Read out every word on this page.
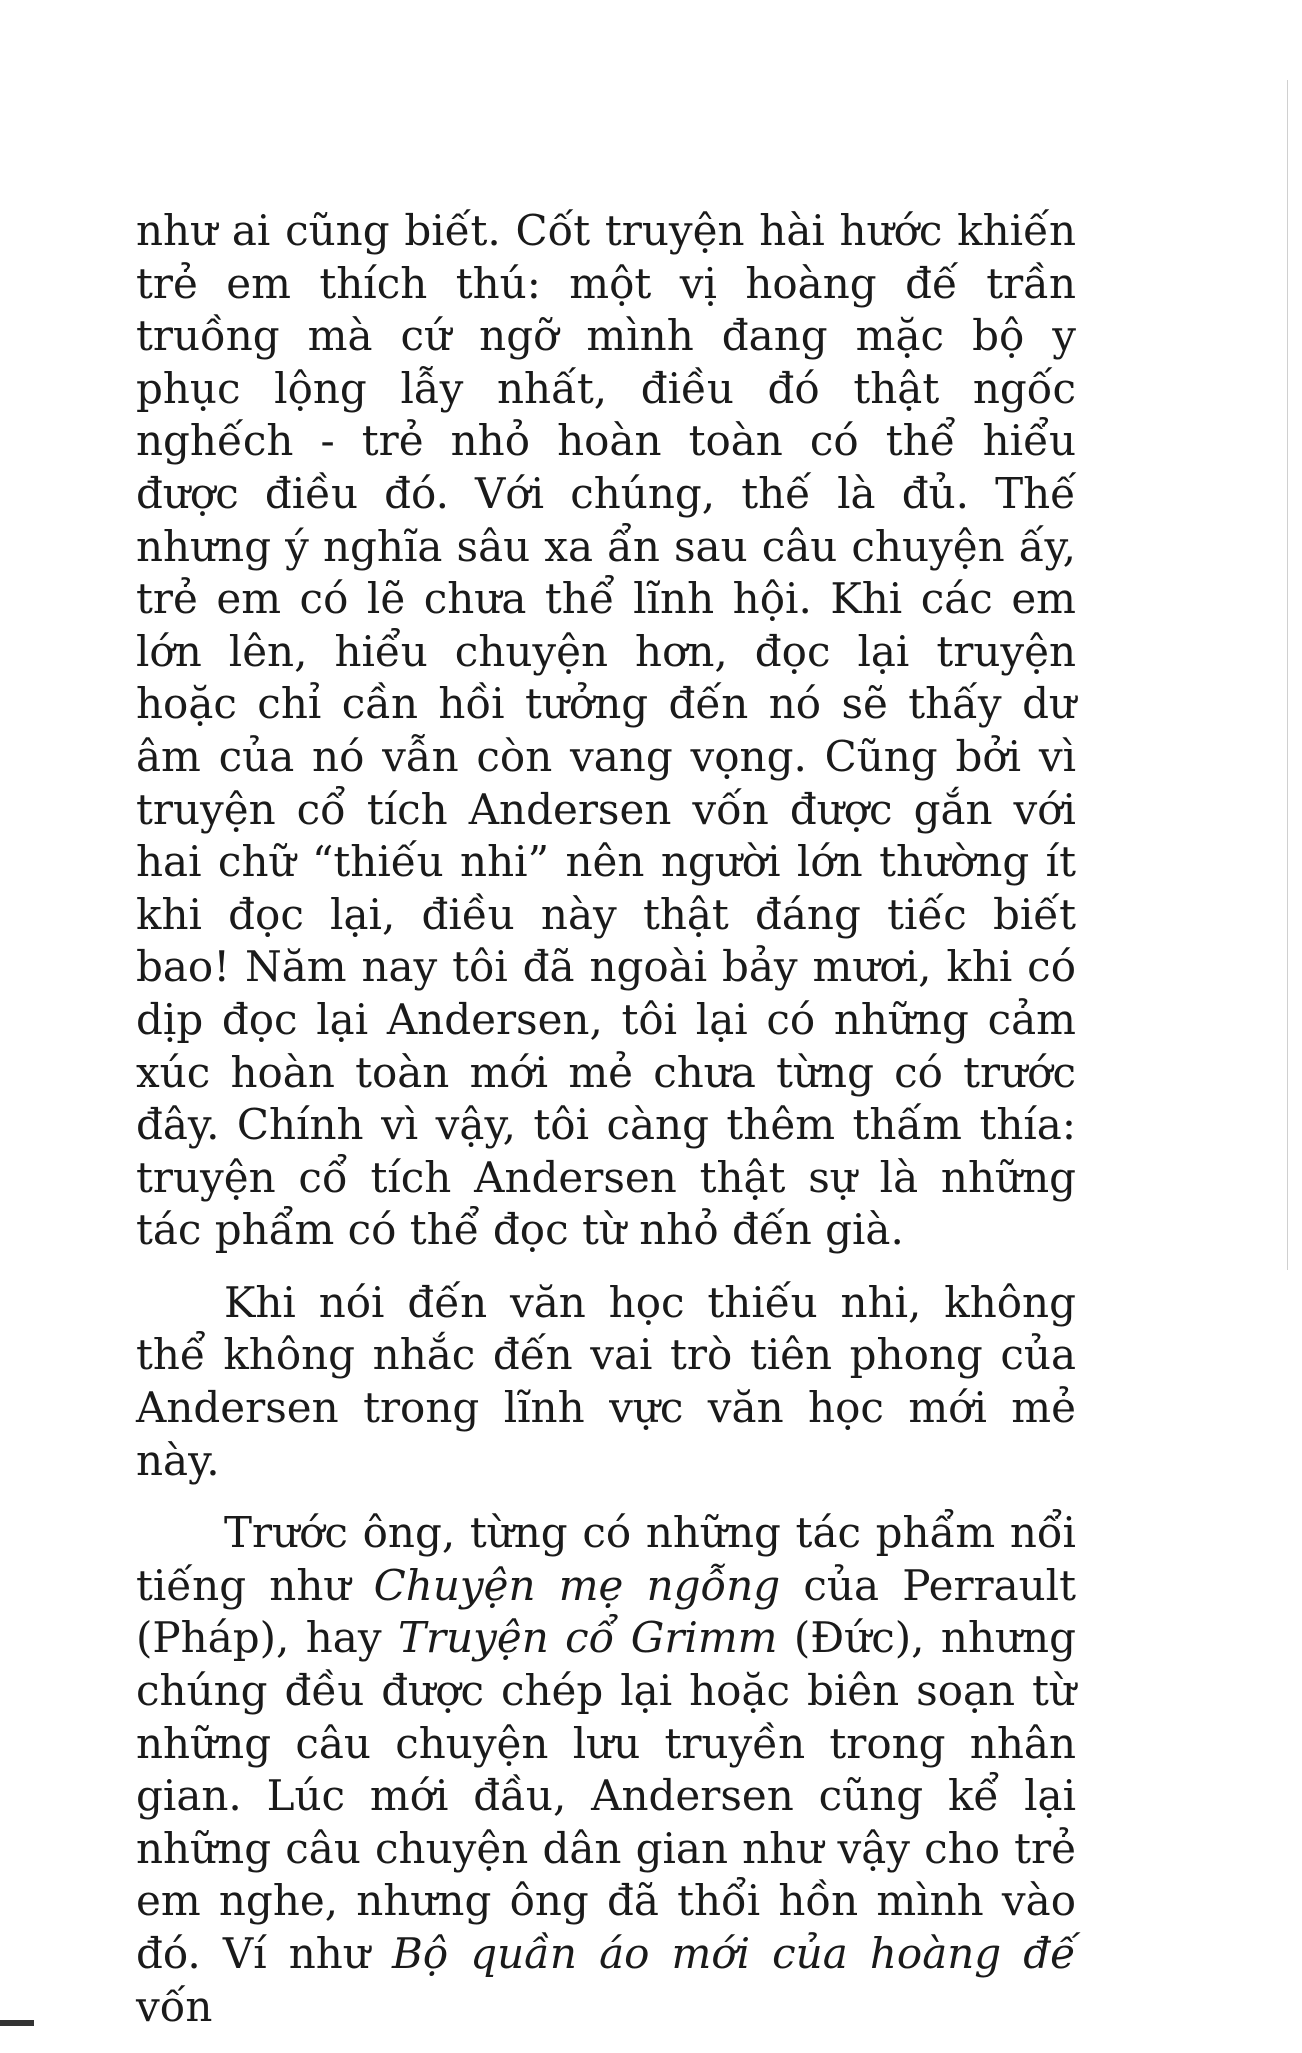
như ai cũng biết. Cốt truyện hài hước khiến trẻ em thích thú: một vị hoàng đế trần truồng mà cứ ngỡ mình đang mặc bộ y phục lộng lẫy nhất, điều đó thật ngốc nghếch - trẻ nhỏ hoàn toàn có thể hiểu được điều đó. Với chúng, thế là đủ. Thế nhưng ý nghĩa sâu xa ẩn sau câu chuyện ấy, trẻ em có lẽ chưa thể lĩnh hội. Khi các em lớn lên, hiểu chuyện hơn, đọc lại truyện hoặc chỉ cần hồi tưởng đến nó sẽ thấy dư âm của nó vẫn còn vang vọng. Cũng bởi vì truyện cổ tích Andersen vốn được gắn với hai chữ “thiếu nhi” nên người lớn thường ít khi đọc lại, điều này thật đáng tiếc biết bao! Năm nay tôi đã ngoài bảy mươi, khi có dịp đọc lại Andersen, tôi lại có những cảm xúc hoàn toàn mới mẻ chưa từng có trước đây. Chính vì vậy, tôi càng thêm thấm thía: truyện cổ tích Andersen thật sự là những tác phẩm có thể đọc từ nhỏ đến già.

Khi nói đến văn học thiếu nhi, không thể không nhắc đến vai trò tiên phong của Andersen trong lĩnh vực văn học mới mẻ này.

Trước ông, từng có những tác phẩm nổi tiếng như Chuyện mẹ ngỗng của Perrault (Pháp), hay Truyện cổ Grimm (Đức), nhưng chúng đều được chép lại hoặc biên soạn từ những câu chuyện lưu truyền trong nhân gian. Lúc mới đầu, Andersen cũng kể lại những câu chuyện dân gian như vậy cho trẻ em nghe, nhưng ông đã thổi hồn mình vào đó. Ví như Bộ quần áo mới của hoàng đế vốn
